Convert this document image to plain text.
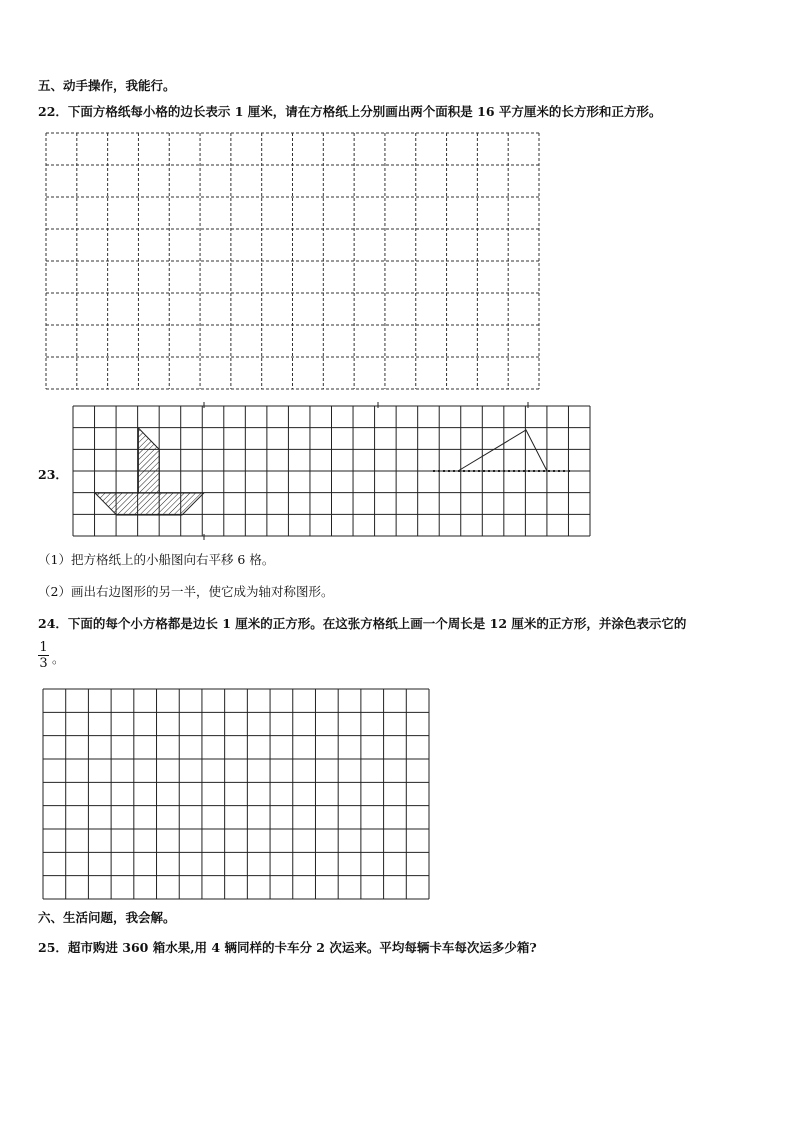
五、动手操作，我能行。
22．下面方格纸每小格的边长表示 1 厘米，请在方格纸上分别画出两个面积是 16 平方厘米的长方形和正方形。
23．
（1）把方格纸上的小船图向右平移 6 格。
（2）画出右边图形的另一半，使它成为轴对称图形。
24．下面的每个小方格都是边长 1 厘米的正方形。在这张方格纸上画一个周长是 12 厘米的正方形，并涂色表示它的
1
3 。
六、生活问题，我会解。
25．超市购进 360 箱水果,用 4 辆同样的卡车分 2 次运来。平均每辆卡车每次运多少箱?
